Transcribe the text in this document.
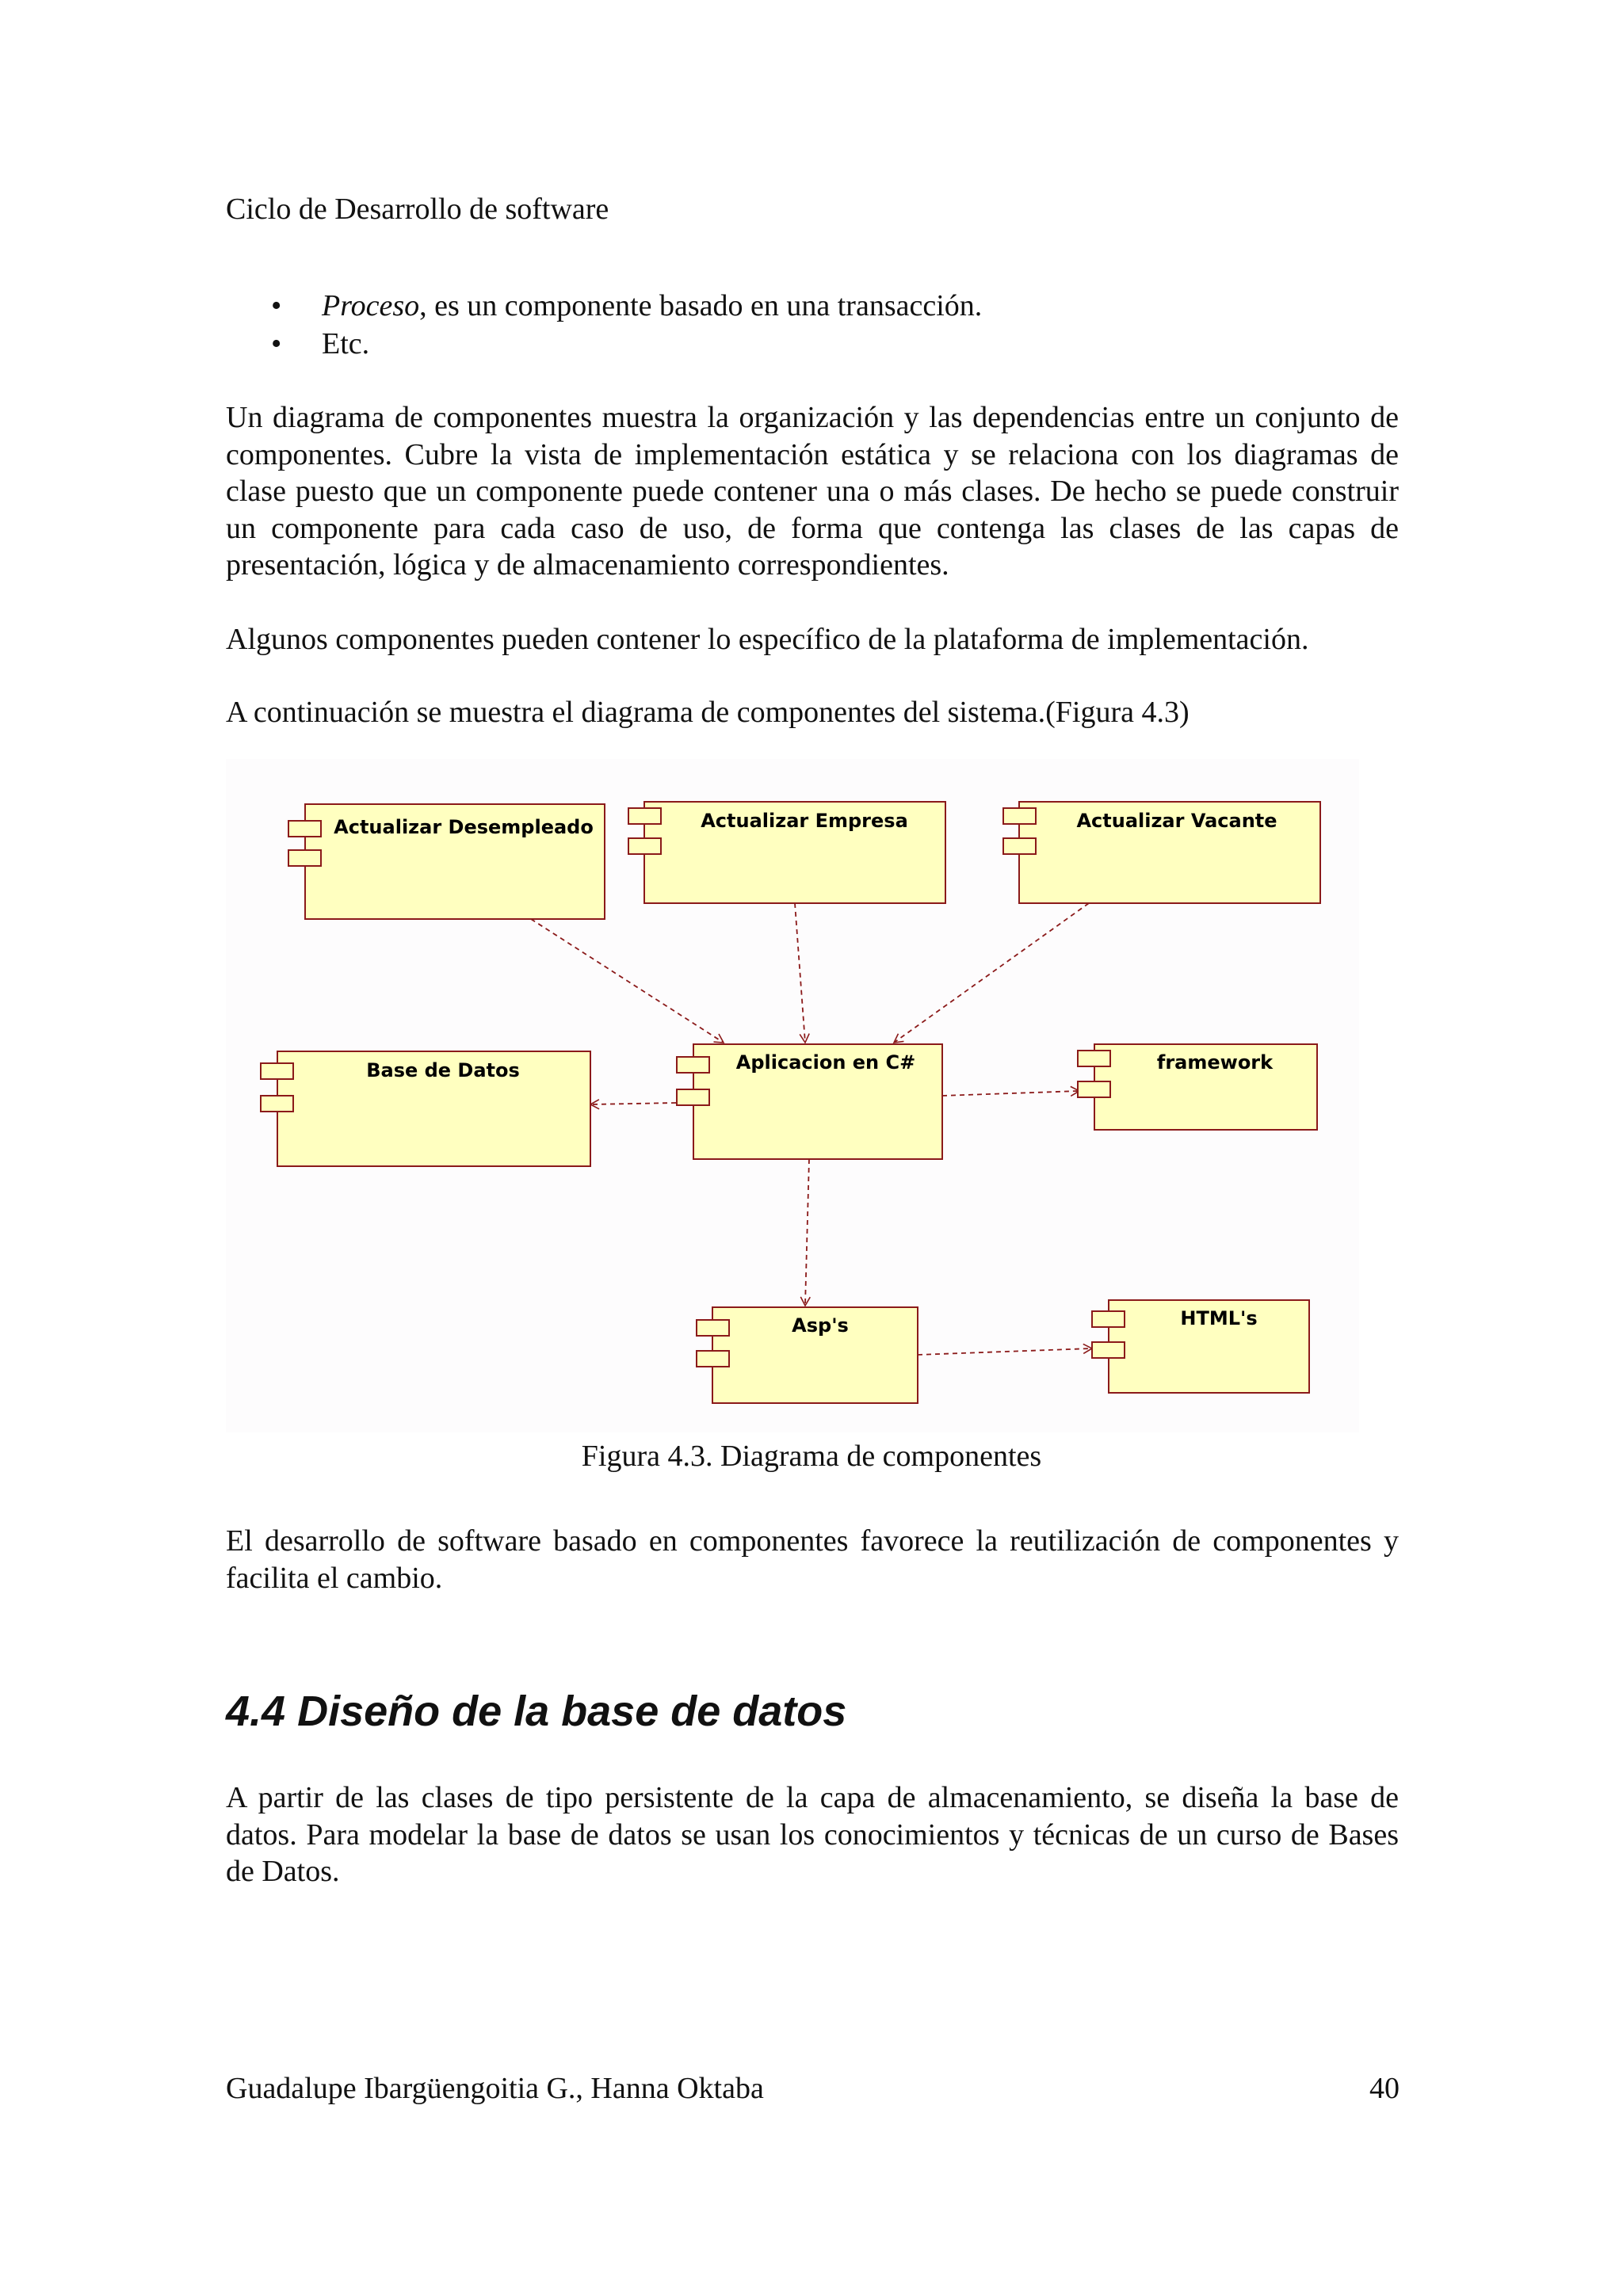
Ciclo de Desarrollo de software
• Proceso, es un componente basado en una transacción.
• Etc.

Un diagrama de componentes muestra la organización y las dependencias entre un conjunto de componentes. Cubre la vista de implementación estática y se relaciona con los diagramas de clase puesto que un componente puede contener una o más clases. De hecho se puede construir un componente para cada caso de uso, de forma que contenga las clases de las capas de presentación, lógica y de almacenamiento correspondientes.

Algunos componentes pueden contener lo específico de la plataforma de implementación.

A continuación se muestra el diagrama de componentes del sistema.(Figura 4.3)

Actualizar Desempleado	Actualizar Empresa	Actualizar Vacante
Base de Datos	Aplicacion en C#	framework
Asp's	HTML's
Figura 4.3. Diagrama de componentes

El desarrollo de software basado en componentes favorece la reutilización de componentes y facilita el cambio.

4.4 Diseño de la base de datos

A partir de las clases de tipo persistente de la capa de almacenamiento, se diseña la base de datos. Para modelar la base de datos se usan los conocimientos y técnicas de un curso de Bases de Datos.

Guadalupe Ibargüengoitia G., Hanna Oktaba	40
